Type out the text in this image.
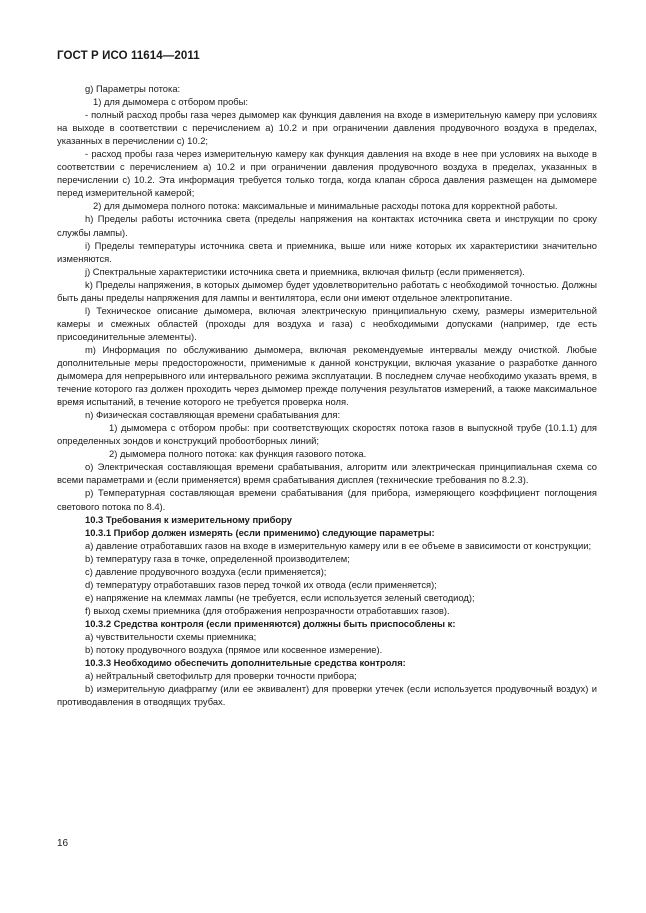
ГОСТ Р ИСО 11614—2011

g) Параметры потока:

1) для дымомера с отбором пробы:

- полный расход пробы газа через дымомер как функция давления на входе в измерительную камеру при условиях на выходе в соответствии с перечислением а) 10.2 и при ограничении давления продувочного воздуха в пределах, указанных в перечислении с) 10.2;

- расход пробы газа через измерительную камеру как функция давления на входе в нее при условиях на выходе в соответствии с перечислением а) 10.2 и при ограничении давления продувочного воздуха в пределах, указанных в перечислении с) 10.2. Эта информация требуется только тогда, когда клапан сброса давления размещен на дымомере перед измерительной камерой;

2) для дымомера полного потока: максимальные и минимальные расходы потока для корректной работы.

h) Пределы работы источника света (пределы напряжения на контактах источника света и инструкции по сроку службы лампы).

i) Пределы температуры источника света и приемника, выше или ниже которых их характеристики значительно изменяются.

j) Спектральные характеристики источника света и приемника, включая фильтр (если применяется).

k) Пределы напряжения, в которых дымомер будет удовлетворительно работать с необходимой точностью. Должны быть даны пределы напряжения для лампы и вентилятора, если они имеют отдельное электропитание.

l) Техническое описание дымомера, включая электрическую принципиальную схему, размеры измерительной камеры и смежных областей (проходы для воздуха и газа) с необходимыми допусками (например, где есть присоединительные элементы).

m) Информация по обслуживанию дымомера, включая рекомендуемые интервалы между очисткой. Любые дополнительные меры предосторожности, применимые к данной конструкции, включая указание о разработке данного дымомера для непрерывного или интервального режима эксплуатации. В последнем случае необходимо указать время, в течение которого газ должен проходить через дымомер прежде получения результатов измерений, а также максимальное время испытаний, в течение которого не требуется проверка ноля.

n) Физическая составляющая времени срабатывания для:

1) дымомера с отбором пробы: при соответствующих скоростях потока газов в выпускной трубе (10.1.1) для определенных зондов и конструкций пробоотборных линий;

2) дымомера полного потока: как функция газового потока.

о) Электрическая составляющая времени срабатывания, алгоритм или электрическая принципиальная схема со всеми параметрами и (если применяется) время срабатывания дисплея (технические требования по 8.2.3).

р) Температурная составляющая времени срабатывания (для прибора, измеряющего коэффициент поглощения светового потока по 8.4).

10.3 Требования к измерительному прибору

10.3.1 Прибор должен измерять (если применимо) следующие параметры:

а) давление отработавших газов на входе в измерительную камеру или в ее объеме в зависимости от конструкции;

b) температуру газа в точке, определенной производителем;

с) давление продувочного воздуха (если применяется);

d) температуру отработавших газов перед точкой их отвода (если применяется);

е) напряжение на клеммах лампы (не требуется, если используется зеленый светодиод);

f) выход схемы приемника (для отображения непрозрачности отработавших газов).

10.3.2 Средства контроля (если применяются) должны быть приспособлены к:

а) чувствительности схемы приемника;

b) потоку продувочного воздуха (прямое или косвенное измерение).

10.3.3 Необходимо обеспечить дополнительные средства контроля:

а) нейтральный светофильтр для проверки точности прибора;

b) измерительную диафрагму (или ее эквивалент) для проверки утечек (если используется продувочный воздух) и противодавления в отводящих трубах.

16
